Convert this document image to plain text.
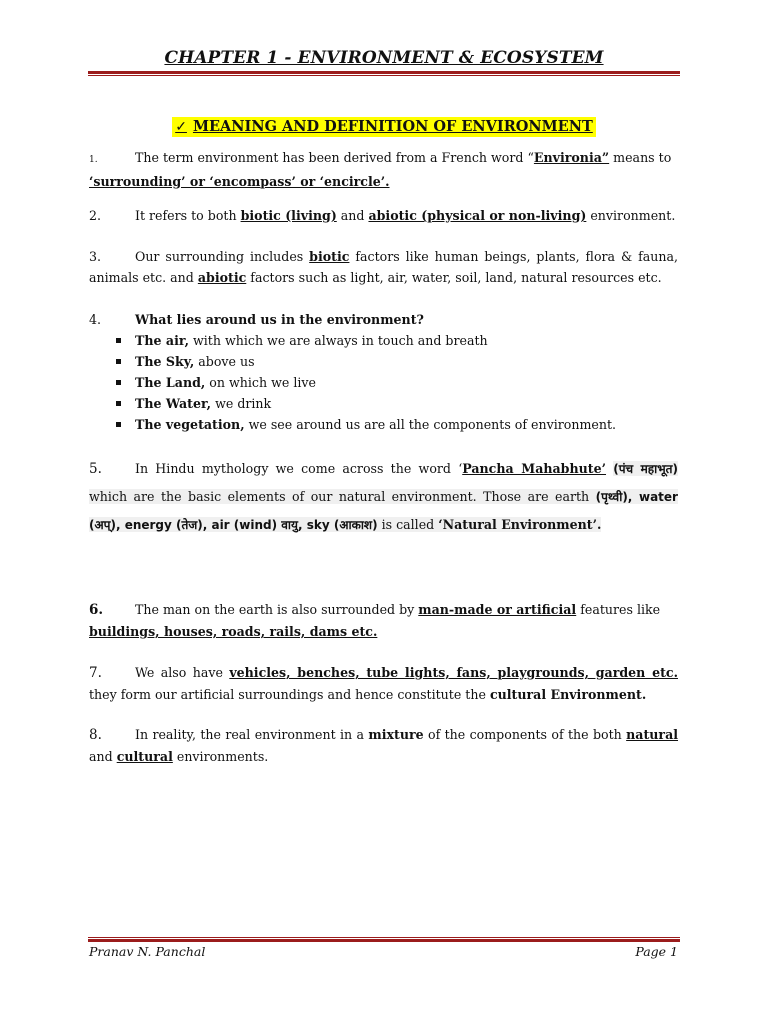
CHAPTER 1 - ENVIRONMENT & ECOSYSTEM
✓ MEANING AND DEFINITION OF ENVIRONMENT
1.	The term environment has been derived from a French word “Environia” means to
‘surrounding’ or ‘encompass’ or ‘encircle’.
2.	It refers to both biotic (living) and abiotic (physical or non-living) environment.
3.	Our surrounding includes biotic factors like human beings, plants, flora & fauna, animals etc. and abiotic factors such as light, air, water, soil, land, natural resources etc.
4.	What lies around us in the environment?
The air, with which we are always in touch and breath
The Sky, above us
The Land, on which we live
The Water, we drink
The vegetation, we see around us are all the components of environment.
5.	In Hindu mythology we come across the word ‘Pancha Mahabhute’ (पंच महाभूत) which are the basic elements of our natural environment. Those are earth (पृथ्वी), water (अप्), energy (तेज), air (wind) वायु, sky (आकाश) is called ‘Natural Environment’.
6.	The man on the earth is also surrounded by man-made or artificial features like
buildings, houses, roads, rails, dams etc.
7.	We also have vehicles, benches, tube lights, fans, playgrounds, garden etc. they form our artificial surroundings and hence constitute the cultural Environment.
8.	In reality, the real environment in a mixture of the components of the both natural and cultural environments.
Pranav N. Panchal	Page 1
